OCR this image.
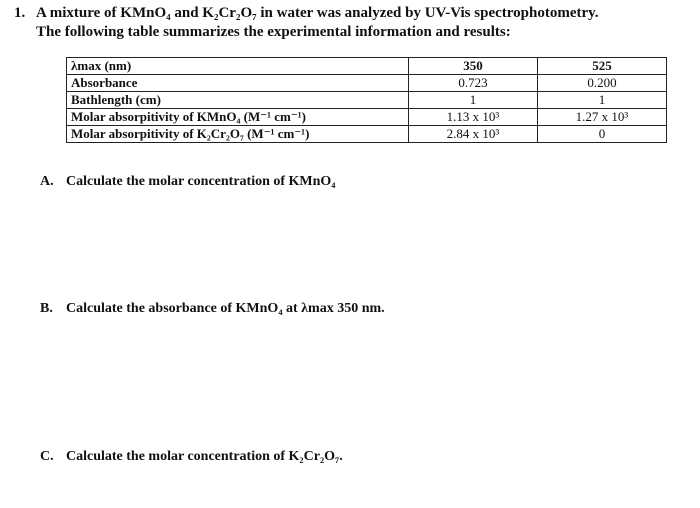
1. A mixture of KMnO₄ and K₂Cr₂O₇ in water was analyzed by UV-Vis spectrophotometry.
The following table summarizes the experimental information and results:
λmax (nm)	350	525
Absorbance	0.723	0.200
Bathlength (cm)	1	1
Molar absorpitivity of KMnO₄ (M⁻¹ cm⁻¹)	1.13 x 10³	1.27 x 10³
Molar absorpitivity of K₂Cr₂O₇ (M⁻¹ cm⁻¹)	2.84 x 10³	0
A. Calculate the molar concentration of KMnO₄
B. Calculate the absorbance of KMnO₄ at λmax 350 nm.
C. Calculate the molar concentration of K₂Cr₂O₇.
